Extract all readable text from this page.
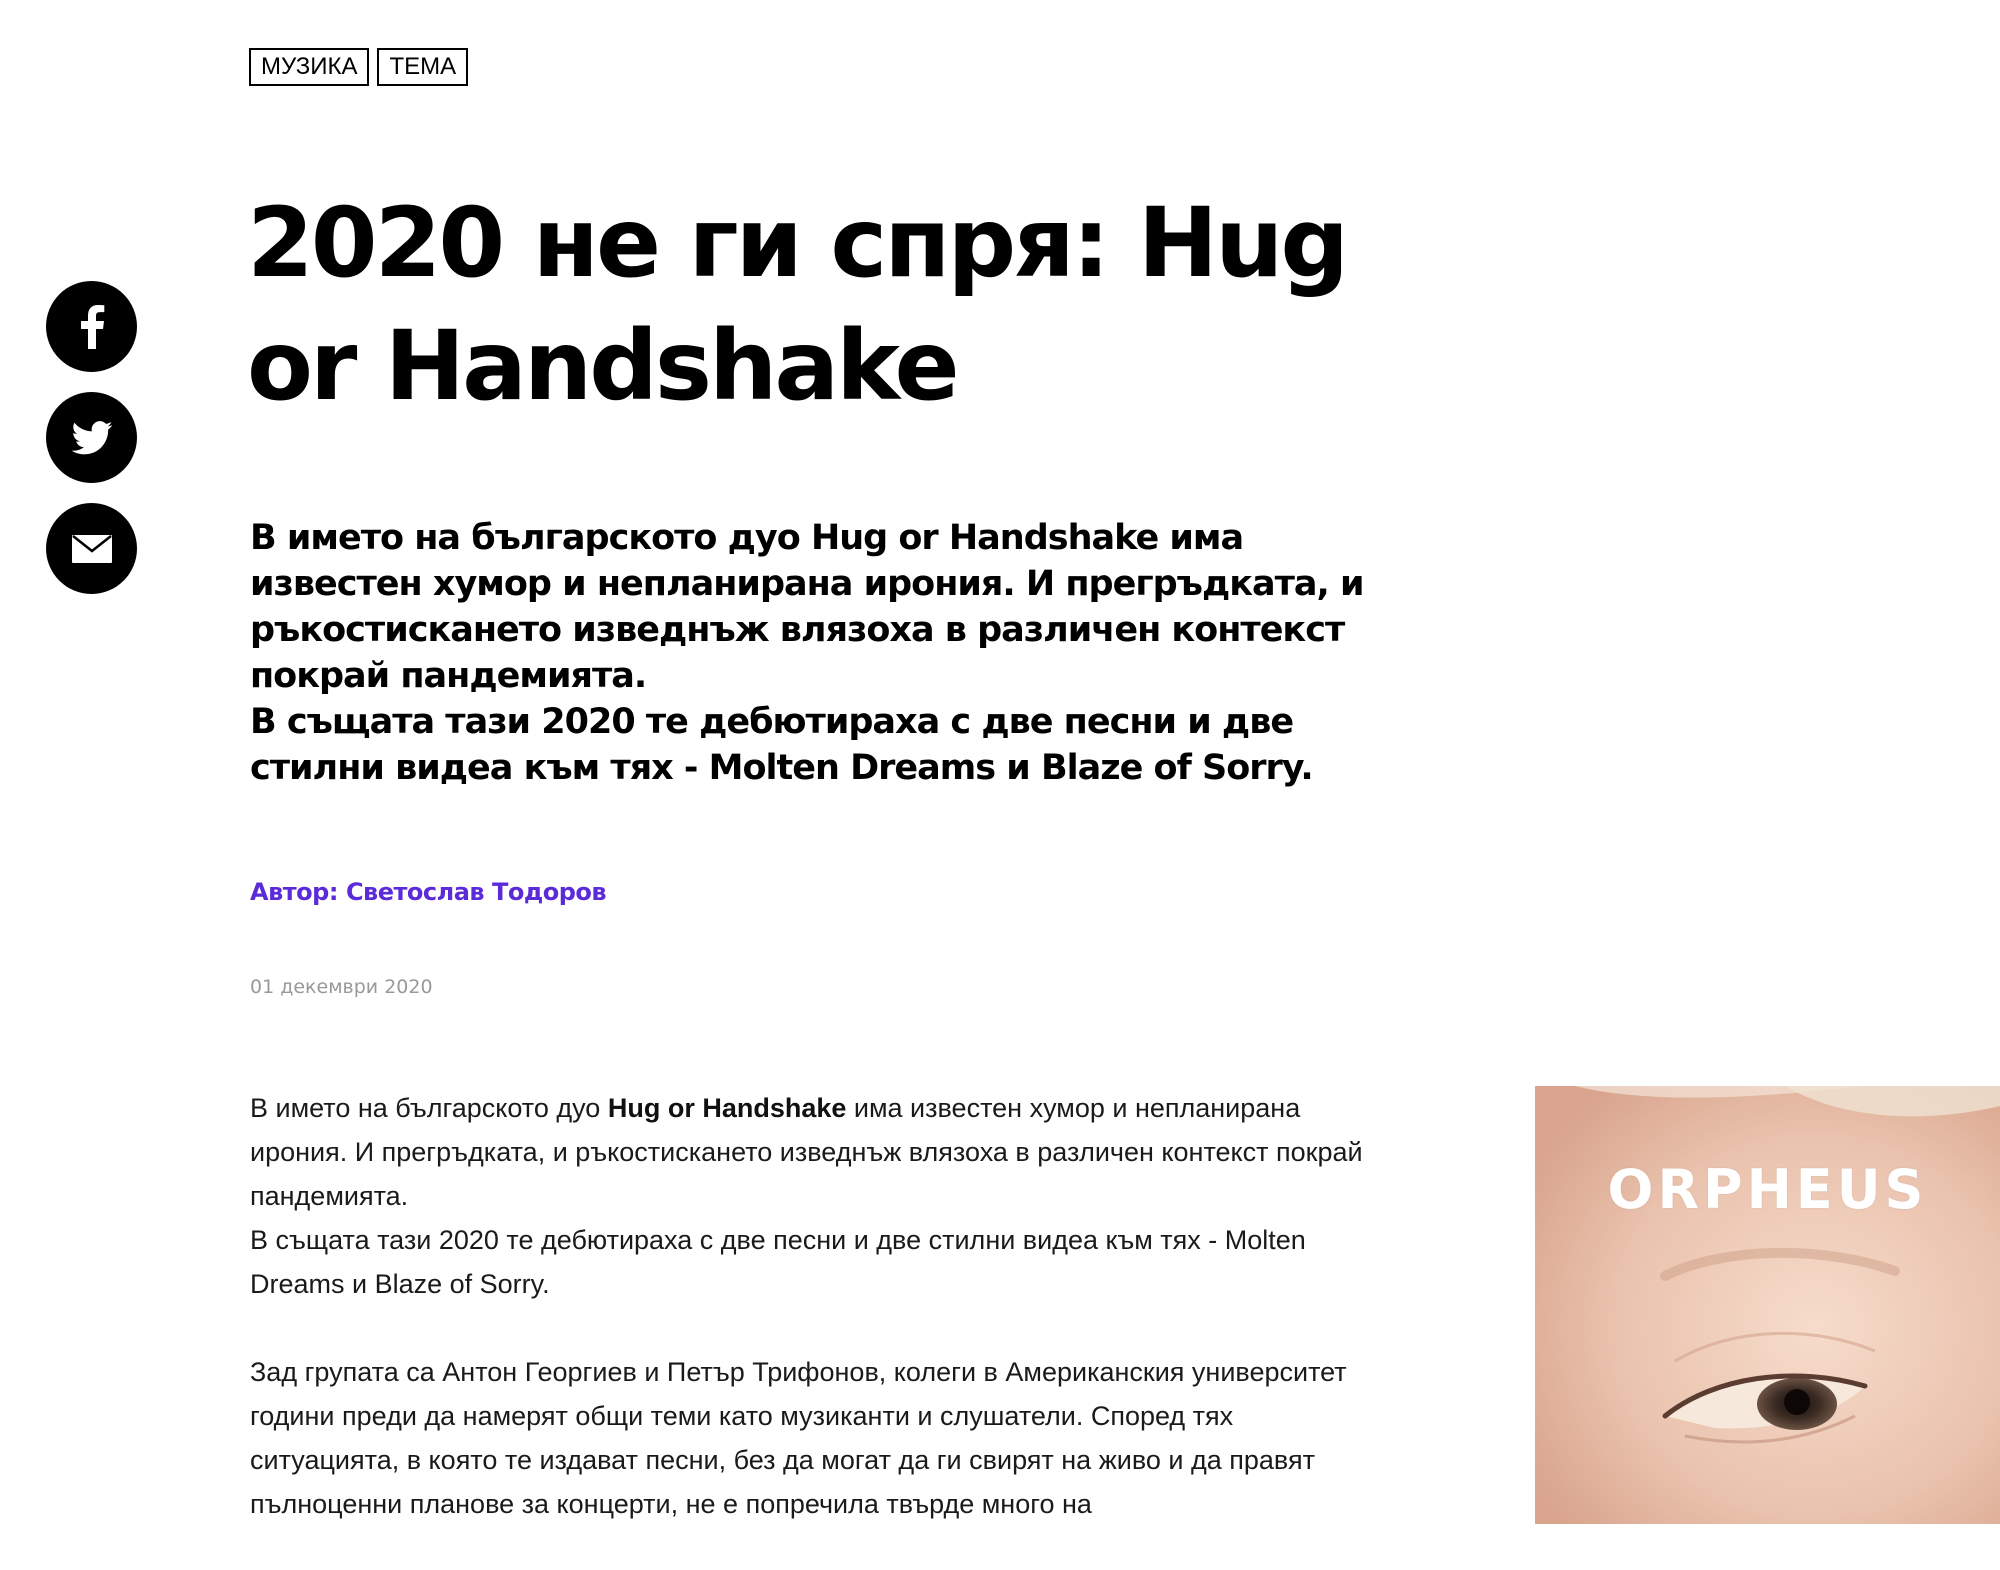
МУЗИКА	ТЕМА
2020 не ги спря: Hug or Handshake

В името на българското дуо Hug or Handshake има известен хумор и непланирана ирония. И прегръдката, и ръкостискането изведнъж влязоха в различен контекст покрай пандемията.

В същата тази 2020 те дебютираха с две песни и две стилни видеа към тях - Molten Dreams и Blaze of Sorry.

Автор: Светослав Тодоров
01 декември 2020

В името на българското дуо Hug or Handshake има известен хумор и непланирана ирония. И прегръдката, и ръкостискането изведнъж влязоха в различен контекст покрай пандемията.
В същата тази 2020 те дебютираха с две песни и две стилни видеа към тях - Molten Dreams и Blaze of Sorry.

Зад групата са Антон Георгиев и Петър Трифонов, колеги в Американския университет години преди да намерят общи теми като музиканти и слушатели. Според тях ситуацията, в която те издават песни, без да могат да ги свирят на живо и да правят пълноценни планове за концерти, не е попречила твърде много на

ORPHEUS
